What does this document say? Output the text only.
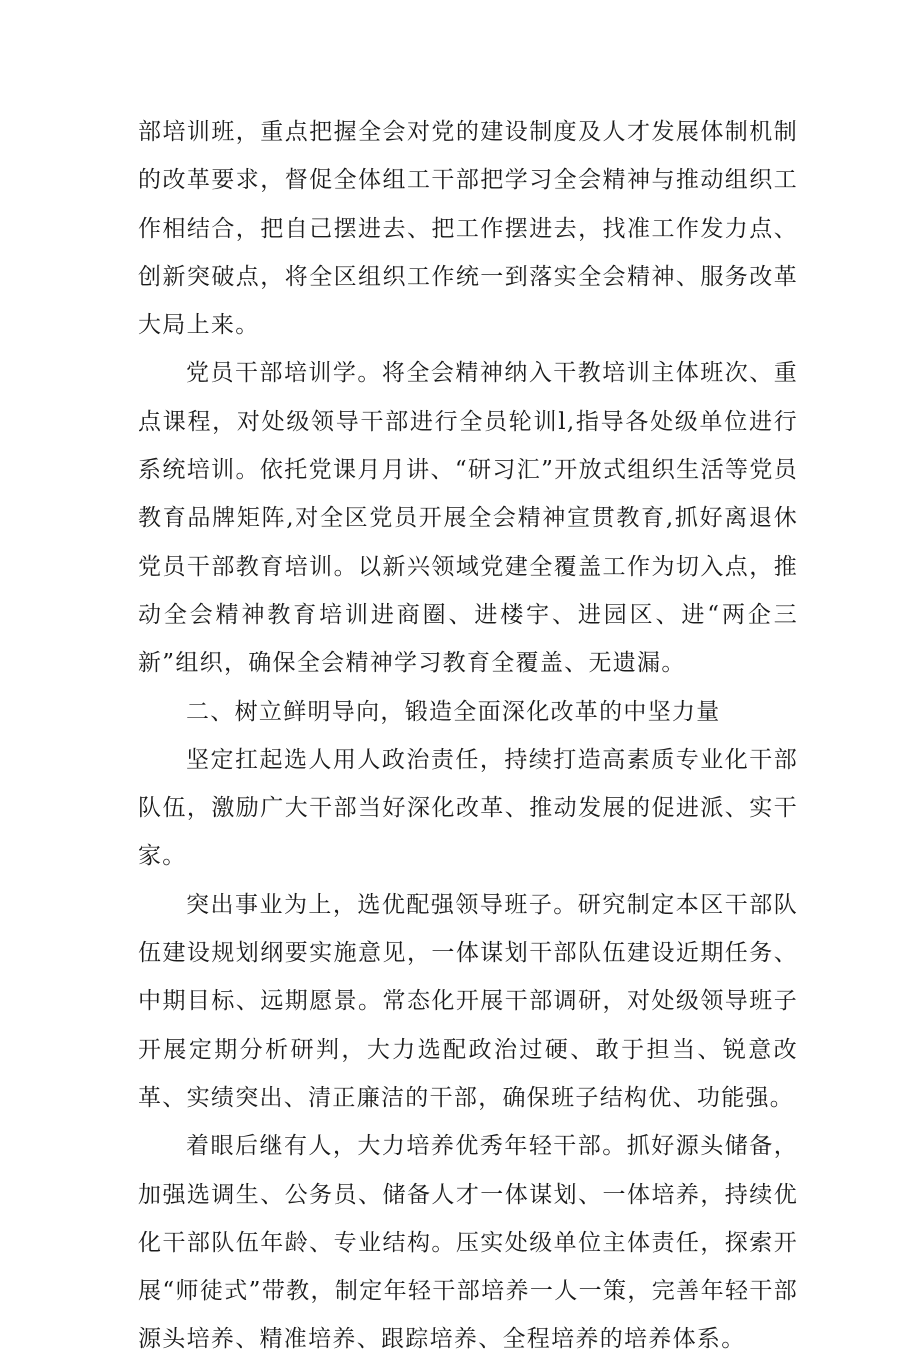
部培训班，重点把握全会对党的建设制度及人才发展体制机制的改革要求，督促全体组工干部把学习全会精神与推动组织工作相结合，把自己摆进去、把工作摆进去，找准工作发力点、创新突破点，将全区组织工作统一到落实全会精神、服务改革大局上来。

党员干部培训学。将全会精神纳入干教培训主体班次、重点课程，对处级领导干部进行全员轮训l,指导各处级单位进行系统培训。依托党课月月讲、“研习汇”开放式组织生活等党员教育品牌矩阵,对全区党员开展全会精神宣贯教育,抓好离退休党员干部教育培训。以新兴领域党建全覆盖工作为切入点，推动全会精神教育培训进商圈、进楼宇、进园区、进“两企三新”组织，确保全会精神学习教育全覆盖、无遗漏。

二、树立鲜明导向，锻造全面深化改革的中坚力量

坚定扛起选人用人政治责任，持续打造高素质专业化干部队伍，激励广大干部当好深化改革、推动发展的促进派、实干家。

突出事业为上，选优配强领导班子。研究制定本区干部队伍建设规划纲要实施意见，一体谋划干部队伍建设近期任务、中期目标、远期愿景。常态化开展干部调研，对处级领导班子开展定期分析研判，大力选配政治过硬、敢于担当、锐意改革、实绩突出、清正廉洁的干部，确保班子结构优、功能强。

着眼后继有人，大力培养优秀年轻干部。抓好源头储备，加强选调生、公务员、储备人才一体谋划、一体培养，持续优化干部队伍年龄、专业结构。压实处级单位主体责任，探索开展“师徒式”带教，制定年轻干部培养一人一策，完善年轻干部源头培养、精准培养、跟踪培养、全程培养的培养体系。
